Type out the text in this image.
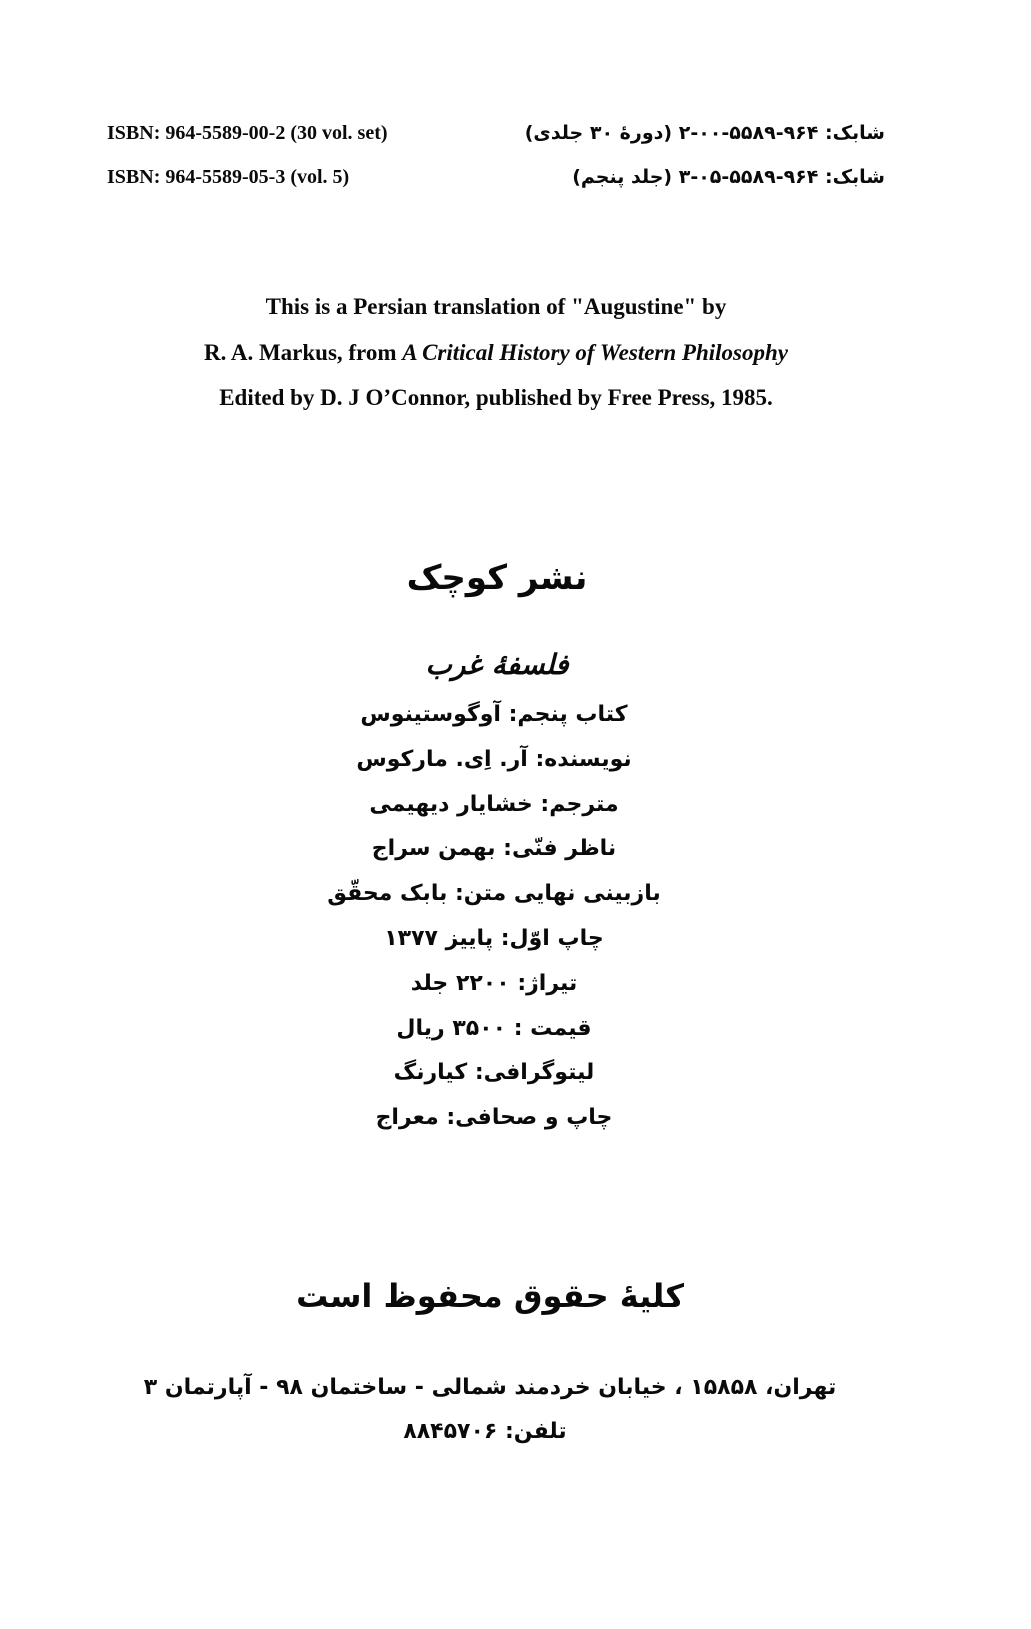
ISBN: 964-5589-00-2 (30 vol. set)	شابک: ۹۶۴-۵۵۸۹-۰۰-۲ (دورهٔ ۳۰ جلدی)
ISBN: 964-5589-05-3 (vol. 5)	شابک: ۹۶۴-۵۵۸۹-۰۵-۳ (جلد پنجم)
This is a Persian translation of "Augustine" by
R. A. Markus, from A Critical History of Western Philosophy
Edited by D. J O’Connor, published by Free Press, 1985.
نشر کوچک
فلسفهٔ غرب
کتاب پنجم: آوگوستینوس
نویسنده: آر. اِی. مارکوس
مترجم: خشایار دیهیمی
ناظر فنّی: بهمن سراج
بازبینی نهایی متن: بابک محقّق
چاپ اوّل: پاییز ۱۳۷۷
تیراژ: ۲۲۰۰ جلد
قیمت : ۳۵۰۰ ریال
لیتوگرافی: کیارنگ
چاپ و صحافی: معراج
کلیهٔ حقوق محفوظ است
تهران، ۱۵۸۵۸ ، خیابان خردمند شمالی - ساختمان ۹۸ - آپارتمان ۳
تلفن: ۸۸۴۵۷۰۶
